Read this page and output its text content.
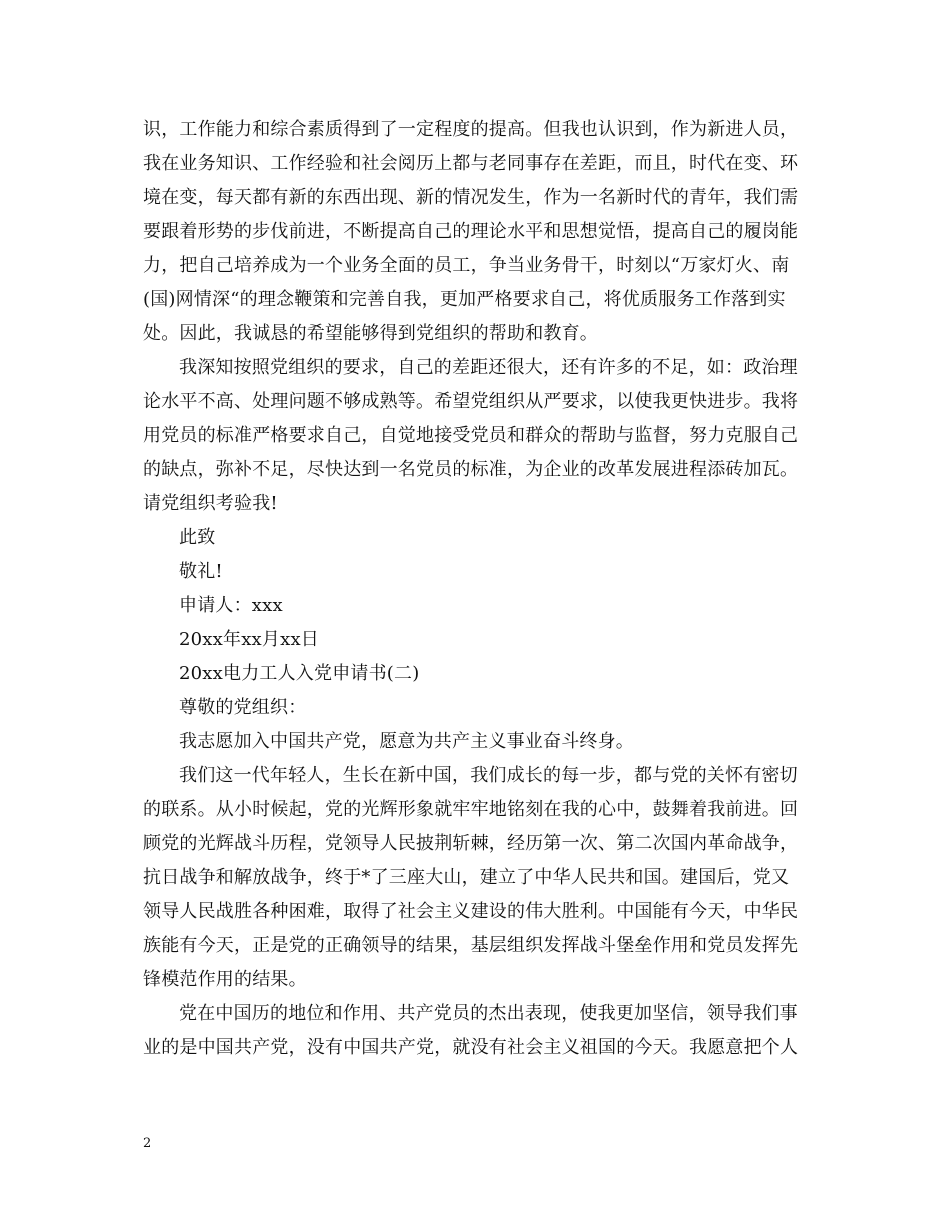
识，工作能力和综合素质得到了一定程度的提高。但我也认识到，作为新进人员，
我在业务知识、工作经验和社会阅历上都与老同事存在差距，而且，时代在变、环
境在变，每天都有新的东西出现、新的情况发生，作为一名新时代的青年，我们需
要跟着形势的步伐前进，不断提高自己的理论水平和思想觉悟，提高自己的履岗能
力，把自己培养成为一个业务全面的员工，争当业务骨干，时刻以“万家灯火、南
(国)网情深“的理念鞭策和完善自我，更加严格要求自己，将优质服务工作落到实
处。因此，我诚恳的希望能够得到党组织的帮助和教育。
我深知按照党组织的要求，自己的差距还很大，还有许多的不足，如：政治理
论水平不高、处理问题不够成熟等。希望党组织从严要求，以使我更快进步。我将
用党员的标准严格要求自己，自觉地接受党员和群众的帮助与监督，努力克服自己
的缺点，弥补不足，尽快达到一名党员的标准，为企业的改革发展进程添砖加瓦。
请党组织考验我!
此致
敬礼!
申请人：xxx
20xx年xx月xx日
20xx电力工人入党申请书(二)
尊敬的党组织：
我志愿加入中国共产党，愿意为共产主义事业奋斗终身。
我们这一代年轻人，生长在新中国，我们成长的每一步，都与党的关怀有密切
的联系。从小时候起，党的光辉形象就牢牢地铭刻在我的心中，鼓舞着我前进。回
顾党的光辉战斗历程，党领导人民披荆斩棘，经历第一次、第二次国内革命战争，
抗日战争和解放战争，终于*了三座大山，建立了中华人民共和国。建国后，党又
领导人民战胜各种困难，取得了社会主义建设的伟大胜利。中国能有今天，中华民
族能有今天，正是党的正确领导的结果，基层组织发挥战斗堡垒作用和党员发挥先
锋模范作用的结果。
党在中国历的地位和作用、共产党员的杰出表现，使我更加坚信，领导我们事
业的是中国共产党，没有中国共产党，就没有社会主义祖国的今天。我愿意把个人
2
